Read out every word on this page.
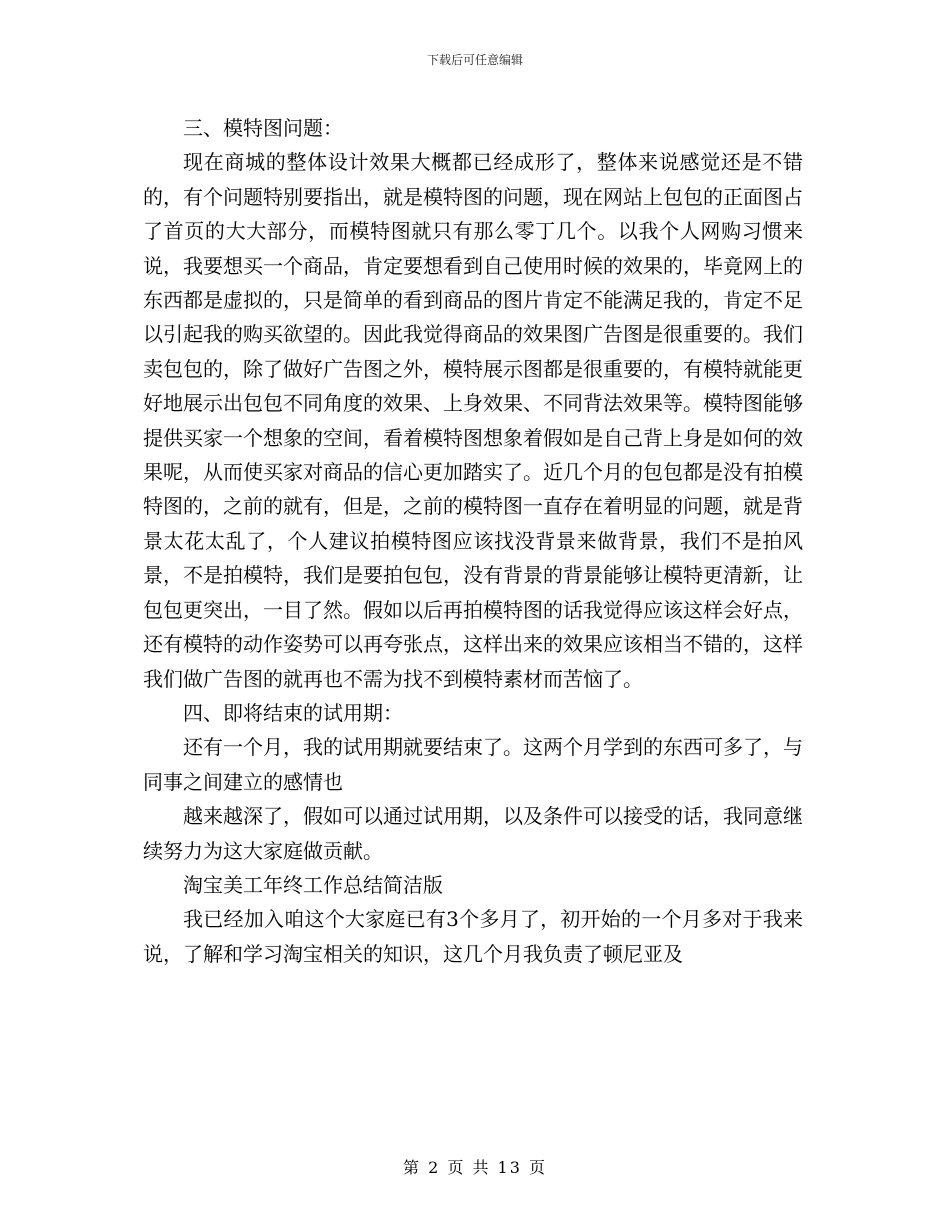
下载后可任意编辑

三、模特图问题：

现在商城的整体设计效果大概都已经成形了，整体来说感觉还是不错的，有个问题特别要指出，就是模特图的问题，现在网站上包包的正面图占了首页的大大部分，而模特图就只有那么零丁几个。以我个人网购习惯来说，我要想买一个商品，肯定要想看到自己使用时候的效果的，毕竟网上的东西都是虚拟的，只是简单的看到商品的图片肯定不能满足我的，肯定不足以引起我的购买欲望的。因此我觉得商品的效果图广告图是很重要的。我们卖包包的，除了做好广告图之外，模特展示图都是很重要的，有模特就能更好地展示出包包不同角度的效果、上身效果、不同背法效果等。模特图能够提供买家一个想象的空间，看着模特图想象着假如是自己背上身是如何的效果呢，从而使买家对商品的信心更加踏实了。近几个月的包包都是没有拍模特图的，之前的就有，但是，之前的模特图一直存在着明显的问题，就是背景太花太乱了，个人建议拍模特图应该找没背景来做背景，我们不是拍风景，不是拍模特，我们是要拍包包，没有背景的背景能够让模特更清新，让包包更突出，一目了然。假如以后再拍模特图的话我觉得应该这样会好点，还有模特的动作姿势可以再夸张点，这样出来的效果应该相当不错的，这样我们做广告图的就再也不需为找不到模特素材而苦恼了。

四、即将结束的试用期：

还有一个月，我的试用期就要结束了。这两个月学到的东西可多了，与同事之间建立的感情也

越来越深了，假如可以通过试用期，以及条件可以接受的话，我同意继续努力为这大家庭做贡献。

淘宝美工年终工作总结简洁版

我已经加入咱这个大家庭已有3个多月了，初开始的一个月多对于我来说，了解和学习淘宝相关的知识，这几个月我负责了顿尼亚及

第 2 页 共 13 页
